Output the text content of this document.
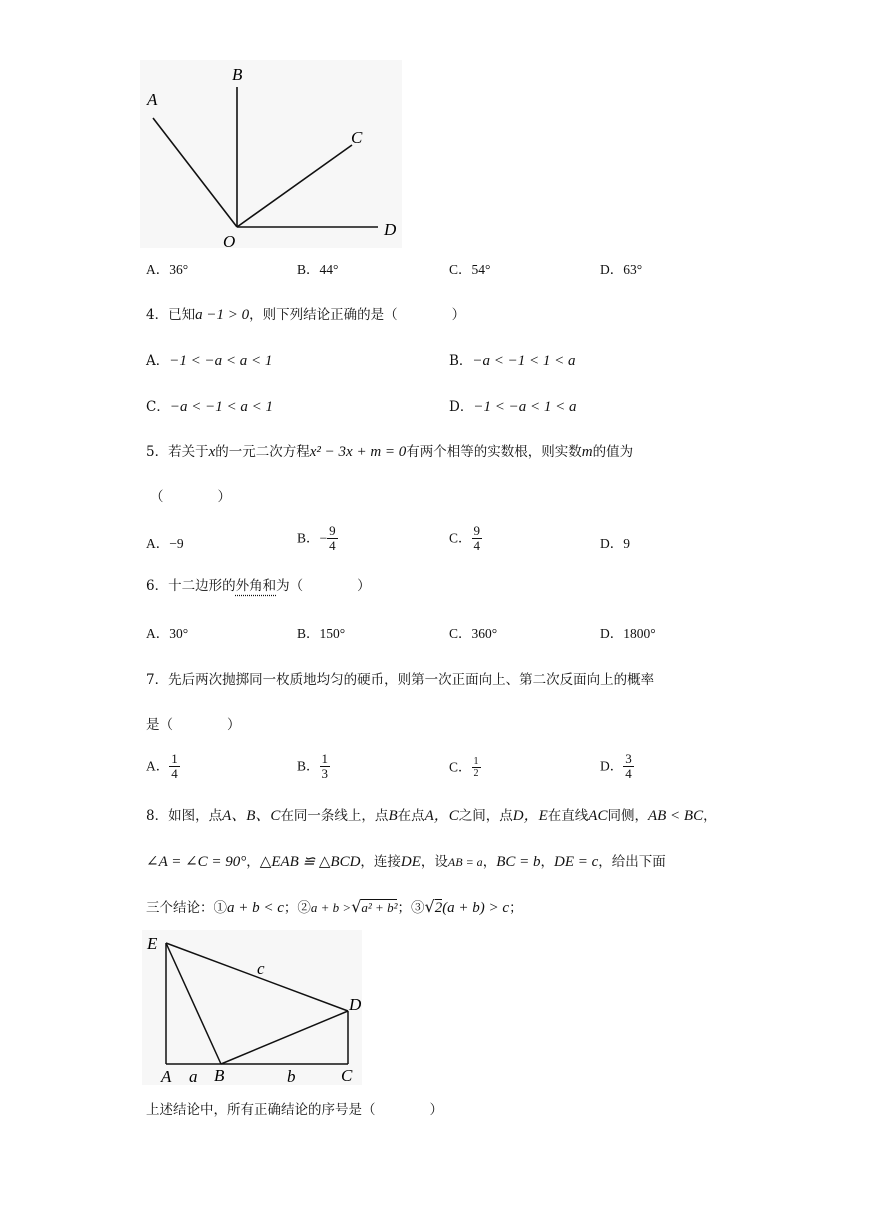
A
B
C
D
O
A．36°	B．44°	C．54°	D．63°
4．已知a −1 > 0，则下列结论正确的是（　　　　）
A．−1 < −a < a < 1	B．−a < −1 < 1 < a
C．−a < −1 < a < 1	D．−1 < −a < 1 < a
5．若关于x的一元二次方程x² − 3x + m = 0有两个相等的实数根，则实数m的值为
（　　　　）
A．−9	B．− $\frac{9}{4}$	C． $\frac{9}{4}$	D．9
6．十二边形的外角和为（　　　　）
A．30°	B．150°	C．360°	D．1800°
7．先后两次抛掷同一枚质地均匀的硬币，则第一次正面向上、第二次反面向上的概率
是（　　　　）
A． $\frac{1}{4}$	B． $\frac{1}{3}$	C． $\frac{1}{2}$	D． $\frac{3}{4}$
8．如图，点A、B、C在同一条线上，点B在点A，C之间，点D，E在直线AC同侧，AB < BC，
∠A = ∠C = 90°，△EAB ≌ △BCD，连接DE，设AB = a，BC = b，DE = c，给出下面
三个结论：①a + b < c；②a + b >√a² + b²；③√2(a + b) > c；
E
c
D
A a B	b	C
上述结论中，所有正确结论的序号是（　　　　）
